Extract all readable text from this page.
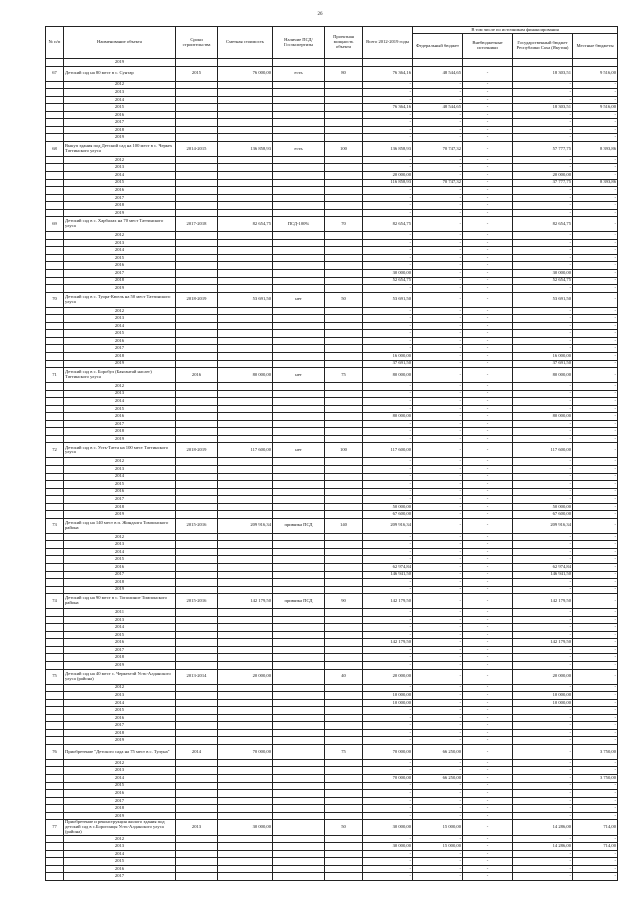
26
№ п/п	Наименование объекта	Сроки строительства	Сметная стоимость	Наличие ПСД/ Госэкспертизы	Проектная мощность объекта	Всего 2012-2019 годы	В том числе по источникам финансирования			
							Федеральный бюджет	Внебюджетные источники	Государственный бюджет Республики Саха (Якутия)	Местные бюджеты
	2019									
67	Детский сад на 80 мест в с. Сунтар	2015	76 000,00	есть	80	76 364,16	48 544,65	-	18 303,51	9 516,00
	2012					-	-	-	-	-
	2013					-	-	-	-	-
	2014					-	-	-	-	-
	2015					76 364,16	48 544,65	-	18 303,51	9 516,00
	2016					-	-	-	-	-
	2017					-	-	-	-	-
	2018					-	-	-	-	-
	2019					-	-	-	-	-
68	Выкуп здания под Детский сад на 100 мест в с. Черкех Таттинского улуса	2014-2015	136 858,93	есть	100	136 858,93	70 747,32	-	57 777,75	8 393,86
	2012					-	-	-	-	-
	2013					-	-	-	-	-
	2014					20 000,00	-	-	20 000,00	-
	2015					116 858,93	70 747,32	-	37 777,75	8 393,86
	2016					-	-	-	-	-
	2017					-	-	-	-	-
	2018					-	-	-	-	-
	2019					-	-	-	-	-
69	Детский сад в с. Харбалах на 70 мест Таттинского улуса	2017-2018	82 654,75	ПСД-100%	70	82 654,75	-	-	82 654,75	-
	2012					-	-	-	-	-
	2013					-	-	-	-	-
	2014					-	-	-	-	-
	2015					-	-	-	-	-
	2016					-	-	-	-	-
	2017					30 000,00	-	-	30 000,00	-
	2018					52 654,75	-	-	52 654,75	-
	2019					-	-	-	-	-
70	Детский сад в с. Туора-Кюель на 50 мест Таттинского улуса	2018-2019	53 691,50	нет	50	53 691,50	-	-	53 691,50	-
	2012					-	-	-	-	-
	2013					-	-	-	-	-
	2014					-	-	-	-	-
	2015					-	-	-	-	-
	2016					-	-	-	-	-
	2017					-	-	-	-	-
	2018					16 000,00	-	-	16 000,00	-
	2019					37 691,50	-	-	37 691,50	-
71	Детский сад в с. Боробул (Баягантай наслег) Таттинского улуса	2016	80 000,00	нет	75	80 000,00	-	-	80 000,00	-
	2012					-	-	-	-	-
	2013					-	-	-	-	-
	2014					-	-	-	-	-
	2015					-	-	-	-	-
	2016					80 000,00	-	-	80 000,00	-
	2017					-	-	-	-	-
	2018					-	-	-	-	-
	2019					-	-	-	-	-
72	Детский сад в с. Усть-Татта на 100 мест Таттинского улуса	2018-2019	117 600,00	нет	100	117 600,00	-	-	117 600,00	-
	2012					-	-	-	-	-
	2013					-	-	-	-	-
	2014					-	-	-	-	-
	2015					-	-	-	-	-
	2016					-	-	-	-	-
	2017					-	-	-	-	-
	2018					50 000,00	-	-	50 000,00	-
	2019					67 600,00	-	-	67 600,00	-
73	Детский сад на 140 мест в п. Жиндалга Томпонского района	2015-2016	209 916,34	привязка ПСД	140	209 916,34	-	-	209 916,34	-
	2012					-	-	-	-	-
	2013					-	-	-	-	-
	2014					-	-	-	-	-
	2015					-	-	-	-	-
	2016					62 974,84	-	-	62 974,84	-
	2017					146 941,50	-	-	146 941,50	-
	2018					-	-	-	-	-
	2019					-	-	-	-	-
74	Детский сад на 90 мест в с. Тополиное Томпонского района	2015-2016	142 179,50	привязка ПСД	90	142 179,50	-	-	142 179,50	-
	2011					-	-	-	-	-
	2013					-	-	-	-	-
	2014					-	-	-	-	-
	2015					-	-	-	-	-
	2016					142 179,50	-	-	142 179,50	-
	2017					-	-	-	-	-
	2018					-	-	-	-	-
	2019					-	-	-	-	-
75	Детский сад на 40 мест с. Черкехтэй Усть-Алданского улуса (района)	2013-2014	20 000,00		40	20 000,00	-	-	20 000,00	-
	2012					-	-	-	-	-
	2013					10 000,00	-	-	10 000,00	-
	2014					10 000,00	-	-	10 000,00	-
	2015					-	-	-	-	-
	2016					-	-	-	-	-
	2017					-	-	-	-	-
	2018					-	-	-	-	-
	2019					-	-	-	-	-
76	Приобретение "Детского сада на 75 мест в с. Тулуна"	2014	70 000,00		75	70 000,00	66 250,00	-	-	3 750,00
	2012					-	-	-	-	-
	2013					-	-	-	-	-
	2014					70 000,00	66 250,00	-	-	3 750,00
	2015					-	-	-	-	-
	2016					-	-	-	-	-
	2017					-	-	-	-	-
	2018					-	-	-	-	-
	2019					-	-	-	-	-
77	Приобретение и реконструкция жилого здания под детский сад в с.Борогонцы Усть-Алданского улуса (района)	2013	30 000,00		50	30 000,00	15 000,00	-	14 286,00	714,00
	2012					-	-	-	-	-
	2013					30 000,00	15 000,00	-	14 286,00	714,00
	2014					-	-	-	-	-
	2015					-	-	-	-	-
	2016					-	-	-	-	-
	2017					-	-	-	-	-
